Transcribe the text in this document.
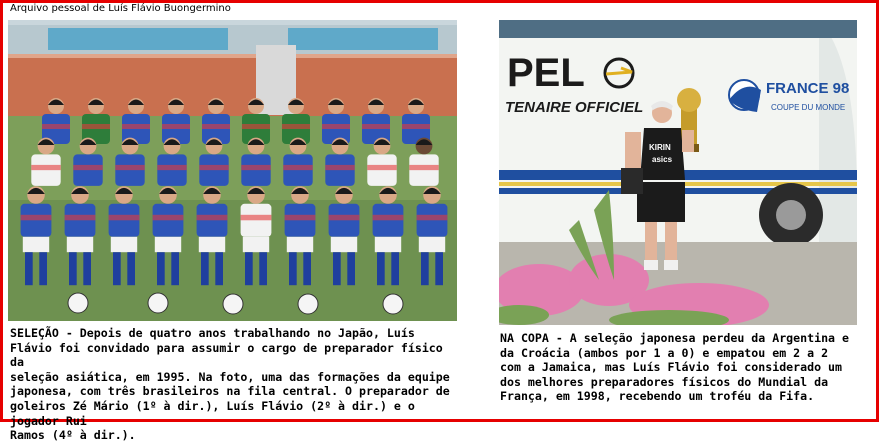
Arquivo pessoal de Luís Flávio Buongermino
SELEÇÃO - Depois de quatro anos trabalhando no Japão, Luís
Flávio foi convidado para assumir o cargo de preparador físico da
seleção asiática, em 1995. Na foto, uma das formações da equipe
japonesa, com três brasileiros na fila central. O preparador de
goleiros Zé Mário (1º à dir.), Luís Flávio (2º à dir.) e o jogador Rui
Ramos (4º à dir.).
PEL
TENAIRE OFFICIEL
FRANCE 98
COUPE DU MONDE
KIRIN
asics
NA COPA - A seleção japonesa perdeu da Argentina e
da Croácia (ambos por 1 a 0) e empatou em 2 a 2
com a Jamaica, mas Luís Flávio foi considerado um
dos melhores preparadores físicos do Mundial da
França, em 1998, recebendo um troféu da Fifa.
